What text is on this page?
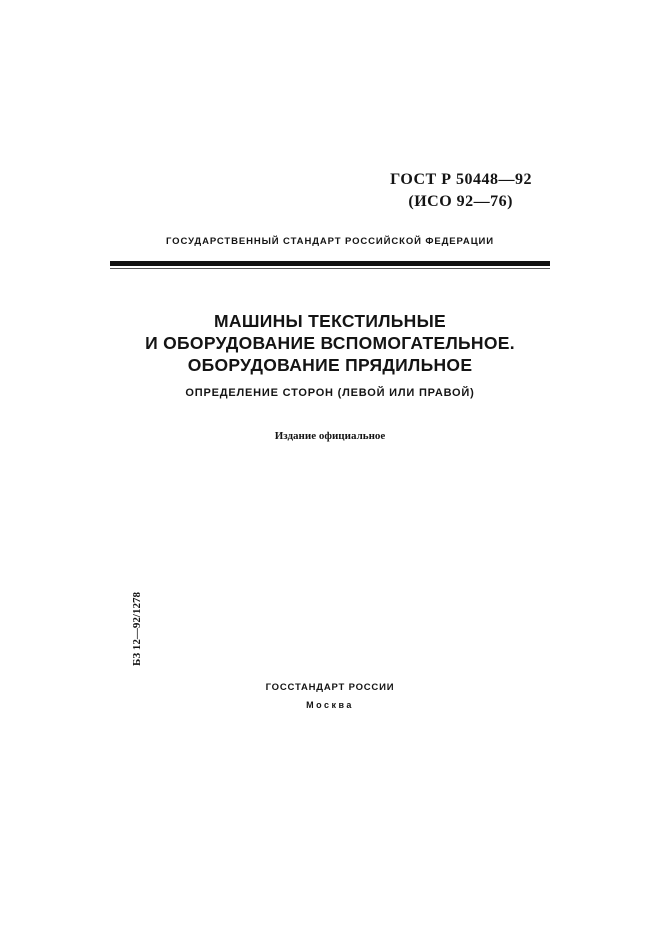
ГОСТ Р 50448—92
(ИСО 92—76)
ГОСУДАРСТВЕННЫЙ СТАНДАРТ РОССИЙСКОЙ ФЕДЕРАЦИИ
МАШИНЫ ТЕКСТИЛЬНЫЕ
И ОБОРУДОВАНИЕ ВСПОМОГАТЕЛЬНОЕ.
ОБОРУДОВАНИЕ ПРЯДИЛЬНОЕ
ОПРЕДЕЛЕНИЕ СТОРОН (ЛЕВОЙ ИЛИ ПРАВОЙ)
Издание официальное
БЗ 12—92/1278
ГОССТАНДАРТ РОССИИ
Москва
